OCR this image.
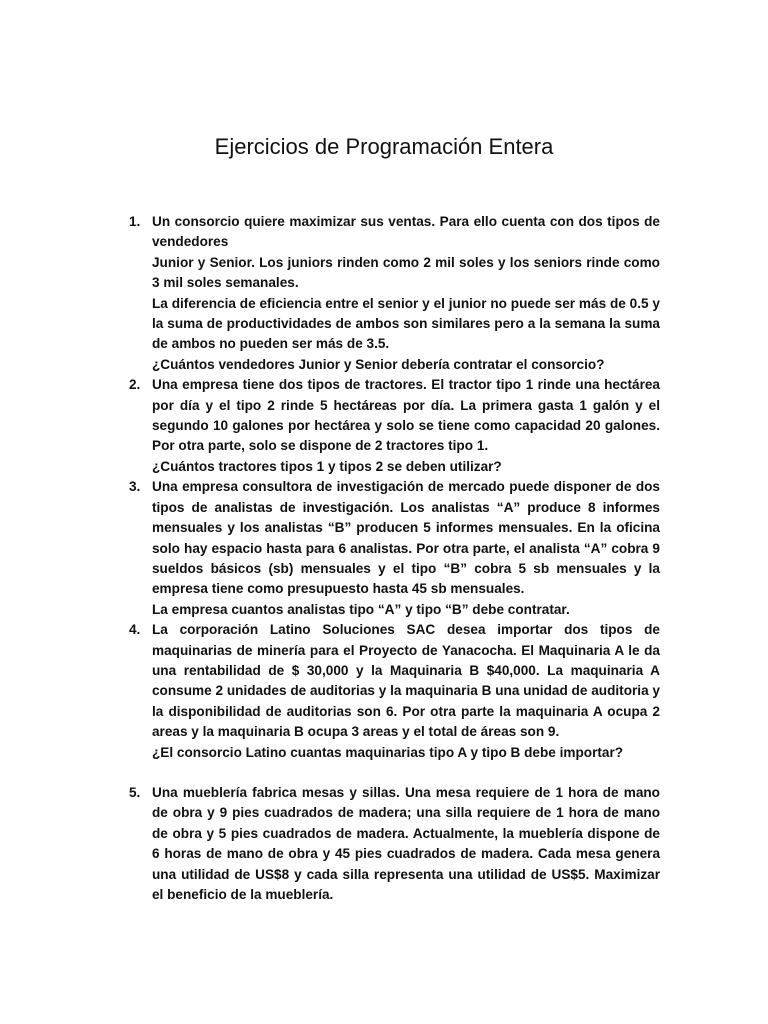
Ejercicios de Programación Entera
1. Un consorcio quiere maximizar sus ventas. Para ello cuenta con dos tipos de vendedores

Junior y Senior. Los juniors rinden como 2 mil soles y los seniors rinde como 3 mil soles semanales.

La diferencia de eficiencia entre el senior y el junior no puede ser más de 0.5 y la suma de productividades de ambos son similares pero a la semana la suma de ambos no pueden ser más de 3.5.

¿Cuántos vendedores Junior y Senior debería contratar el consorcio?

2. Una empresa tiene dos tipos de tractores. El tractor tipo 1 rinde una hectárea por día y el tipo 2 rinde 5 hectáreas por día. La primera gasta 1 galón y el segundo 10 galones por hectárea y solo se tiene como capacidad 20 galones. Por otra parte, solo se dispone de 2 tractores tipo 1.

¿Cuántos tractores tipos 1 y tipos 2 se deben utilizar?

3. Una empresa consultora de investigación de mercado puede disponer de dos tipos de analistas de investigación. Los analistas “A” produce 8 informes mensuales y los analistas “B” producen 5 informes mensuales. En la oficina solo hay espacio hasta para 6 analistas. Por otra parte, el analista “A” cobra 9 sueldos básicos (sb) mensuales y el tipo “B” cobra 5 sb mensuales y la empresa tiene como presupuesto hasta 45 sb mensuales.

La empresa cuantos analistas tipo “A” y tipo “B” debe contratar.

4. La corporación Latino Soluciones SAC desea importar dos tipos de maquinarias de minería para el Proyecto de Yanacocha. El Maquinaria A le da una rentabilidad de $ 30,000 y la Maquinaria B $40,000. La maquinaria A consume 2 unidades de auditorias y la maquinaria B una unidad de auditoria y la disponibilidad de auditorias son 6. Por otra parte la maquinaria A ocupa 2 areas y la maquinaria B ocupa 3 areas y el total de áreas son 9.

¿El consorcio Latino cuantas maquinarias tipo A y tipo B debe importar?

5. Una mueblería fabrica mesas y sillas. Una mesa requiere de 1 hora de mano de obra y 9 pies cuadrados de madera; una silla requiere de 1 hora de mano de obra y 5 pies cuadrados de madera. Actualmente, la mueblería dispone de 6 horas de mano de obra y 45 pies cuadrados de madera. Cada mesa genera una utilidad de US$8 y cada silla representa una utilidad de US$5. Maximizar el beneficio de la mueblería.
